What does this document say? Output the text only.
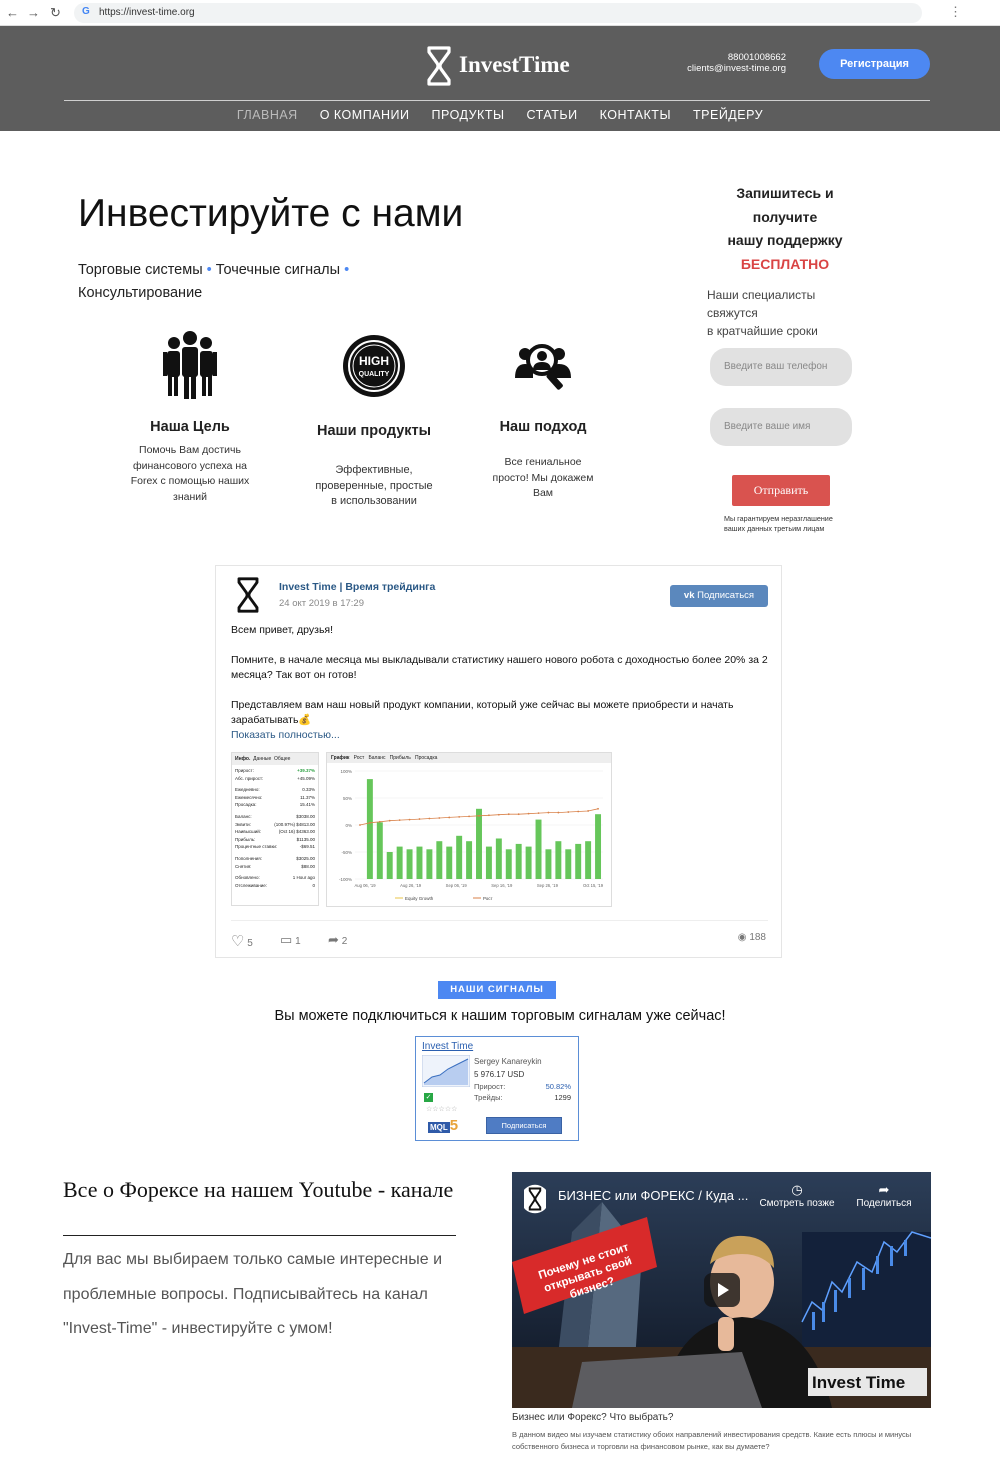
← → ↻ G https://invest-time.org	⋮
InvestTime	88001008662
clients@invest-time.org	Регистрация
ГЛАВНАЯ О КОМПАНИИ ПРОДУКТЫ СТАТЬИ КОНТАКТЫ ТРЕЙДЕРУ
Инвестируйте с нами
Торговые системы • Точечные сигналы •
Консультирование
Наша Цель
Помочь Вам достичь финансового успеха на Forex с помощью наших знаний
HIGH
QUALITY
Наши продукты
Эффективные, проверенные, простые в использовании
Наш подход
Все гениальное просто! Мы докажем Вам
Запишитесь и
получите
нашу поддержку
БЕСПЛАТНО
Наши специалисты
свяжутся
в кратчайшие сроки
Введите ваш телефон
Введите ваше имя
Отправить
Мы гарантируем неразглашение
ваших данных третьим лицам
Invest Time | Время трейдинга
24 окт 2019 в 17:29
vk Подписаться

Всем привет, друзья!

Помните, в начале месяца мы выкладывали статистику нашего нового робота с доходностью более 20% за 2 месяца? Так вот он готов!

Представляем вам наш новый продукт компании, который уже сейчас вы можете приобрести и начать зарабатывать💰

Показать полностью...

Инфо. Данные Общее
Прирост:	+39.37%
Абс. прирост:	+45.09%
Ежедневно:	0.33%
Ежемесячно:	11.37%
Просадка:	15.41%
Баланс:	$3038.00
Эквити:	(100.97%) $4813.00
Наивысший:	(Oct 16) $4363.00
Прибыль:	$1135.00
Процентные ставки:	-$69.51
Пополнения:	$3025.00
Снятия:	$88.00
Обновлено:	1 Hour ago
Отслеживание:	0
График Рост Баланс Прибыль Просадка
100%
50%
0%
-50%
-100%
Aug 06, '19	Aug 26, '19	Sep 06, '19	Sep 16, '19	Sep 26, '19	Oct 15, '19
Equity Growth	Рост
♡ 5 ▭ 1 ➦ 2	◉ 188
НАШИ СИГНАЛЫ
Вы можете подключиться к нашим торговым сигналам уже сейчас!
Invest Time
Sergey Kanareykin
5 976.17 USD
Прирост:	50.82%
Трейды:	1299
✓
☆☆☆☆☆
MQL 5	Подписаться
Все о Форексе на нашем Youtube - канале
Для вас мы выбираем только самые интересные и проблемные вопросы. Подписывайтесь на канал "Invest-Time" - инвестируйте с умом!
БИЗНЕС или ФОРЕКС / Куда ...	◷
Смотреть позже
➦
Поделиться
Почему не стоит открывать свой бизнес?
Invest Time
Бизнес или Форекс? Что выбрать?
В данном видео мы изучаем статистику обоих направлений инвестирования средств. Какие есть плюсы и минусы собственного бизнеса и торговли на финансовом рынке, как вы думаете?
